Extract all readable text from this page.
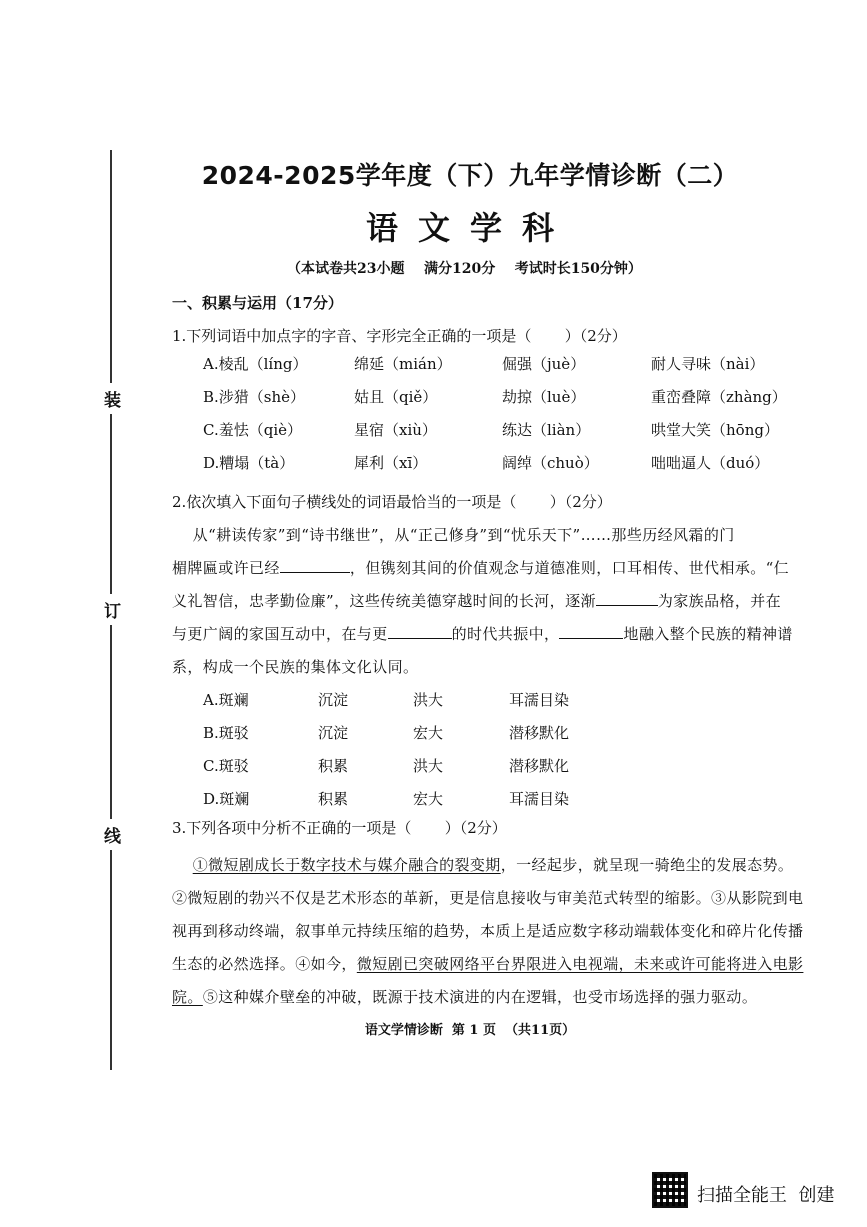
装
订
线
2024-2025学年度（下）九年学情诊断（二）
语文学科
（本试卷共23小题    满分120分    考试时长150分钟）
一、积累与运用（17分）
1.下列词语中加点字的字音、字形完全正确的一项是（       ）（2分）
A.棱乱（líng）	绵延（mián）	倔强（juè）	耐人寻味（nài）
B.涉猎（shè）	姑且（qiě）	劫掠（luè）	重峦叠障（zhàng）
C.羞怯（qiè）	星宿（xiù）	练达（liàn）	哄堂大笑（hōng）
D.糟塌（tà）	犀利（xī）	阔绰（chuò）	咄咄逼人（duó）
2.依次填入下面句子横线处的词语最恰当的一项是（       ）（2分）
从“耕读传家”到“诗书继世”，从“正己修身”到“忧乐天下”……那些历经风霜的门
楣牌匾或许已经	，但镌刻其间的价值观念与道德准则，口耳相传、世代相承。“仁
义礼智信，忠孝勤俭廉”，这些传统美德穿越时间的长河，逐渐	为家族品格，并在
与更广阔的家国互动中，在与更	的时代共振中，	地融入整个民族的精神谱
系，构成一个民族的集体文化认同。
A.斑斓	沉淀	洪大	耳濡目染
B.斑驳	沉淀	宏大	潜移默化
C.斑驳	积累	洪大	潜移默化
D.斑斓	积累	宏大	耳濡目染
3.下列各项中分析不正确的一项是（       ）（2分）
①微短剧成长于数字技术与媒介融合的裂变期，一经起步，就呈现一骑绝尘的发展态势。
②微短剧的勃兴不仅是艺术形态的革新，更是信息接收与审美范式转型的缩影。③从影院到电
视再到移动终端，叙事单元持续压缩的趋势，本质上是适应数字移动端载体变化和碎片化传播
生态的必然选择。④如今，微短剧已突破网络平台界限进入电视端，未来或许可能将进入电影
院。⑤这种媒介壁垒的冲破，既源于技术演进的内在逻辑，也受市场选择的强力驱动。
语文学情诊断  第 1 页  （共11页）
扫描全能王  创建
